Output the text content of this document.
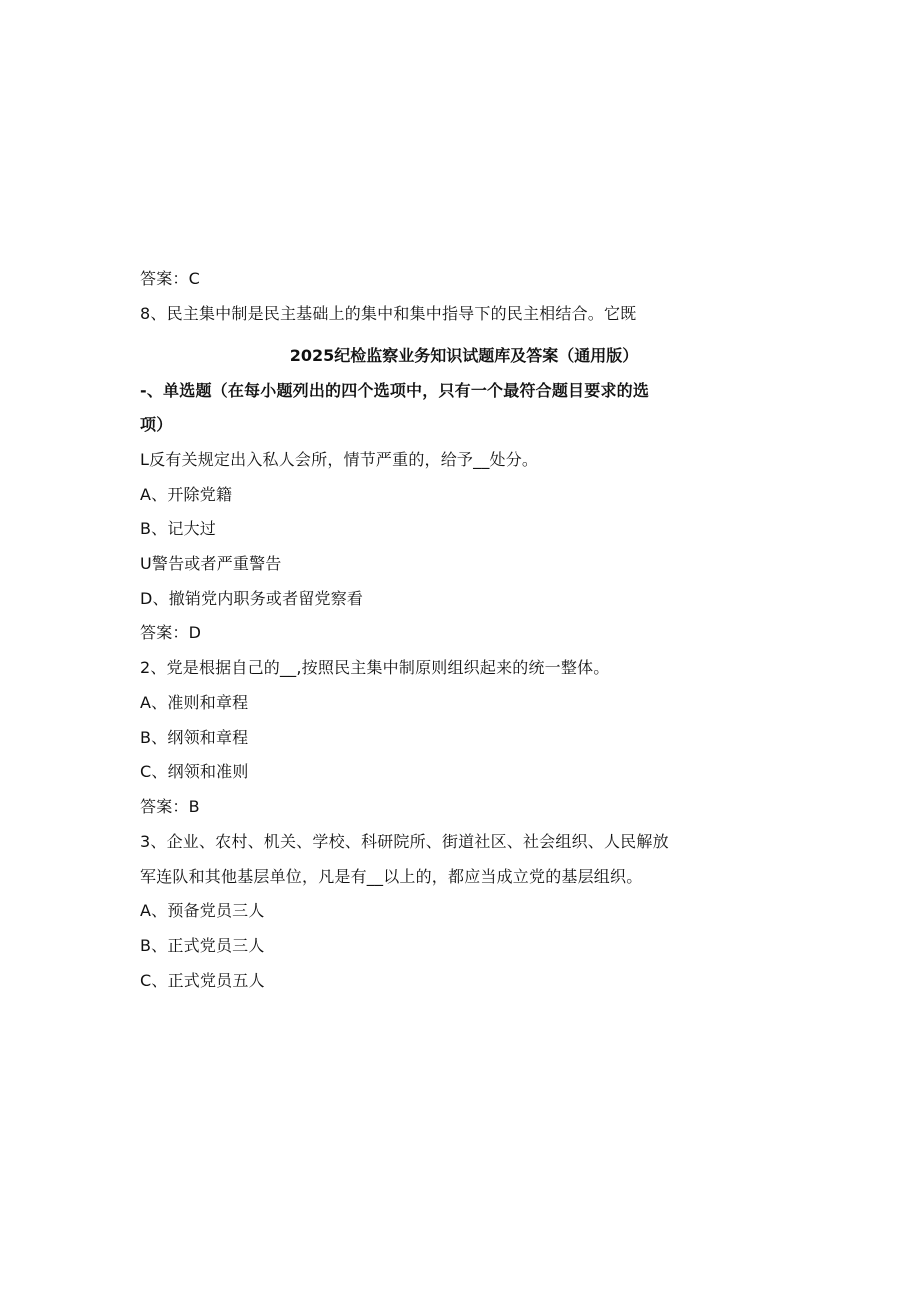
答案：C
8、民主集中制是民主基础上的集中和集中指导下的民主相结合。它既
2025纪检监察业务知识试题库及答案（通用版）
-、单选题（在每小题列出的四个选项中，只有一个最符合题目要求的选
项）
L反有关规定出入私人会所，情节严重的，给予__处分。
A、开除党籍
B、记大过
U警告或者严重警告
D、撤销党内职务或者留党察看
答案：D
2、党是根据自己的__,按照民主集中制原则组织起来的统一整体。
A、准则和章程
B、纲领和章程
C、纲领和准则
答案：B
3、企业、农村、机关、学校、科研院所、街道社区、社会组织、人民解放
军连队和其他基层单位，凡是有__以上的，都应当成立党的基层组织。
A、预备党员三人
B、正式党员三人
C、正式党员五人
